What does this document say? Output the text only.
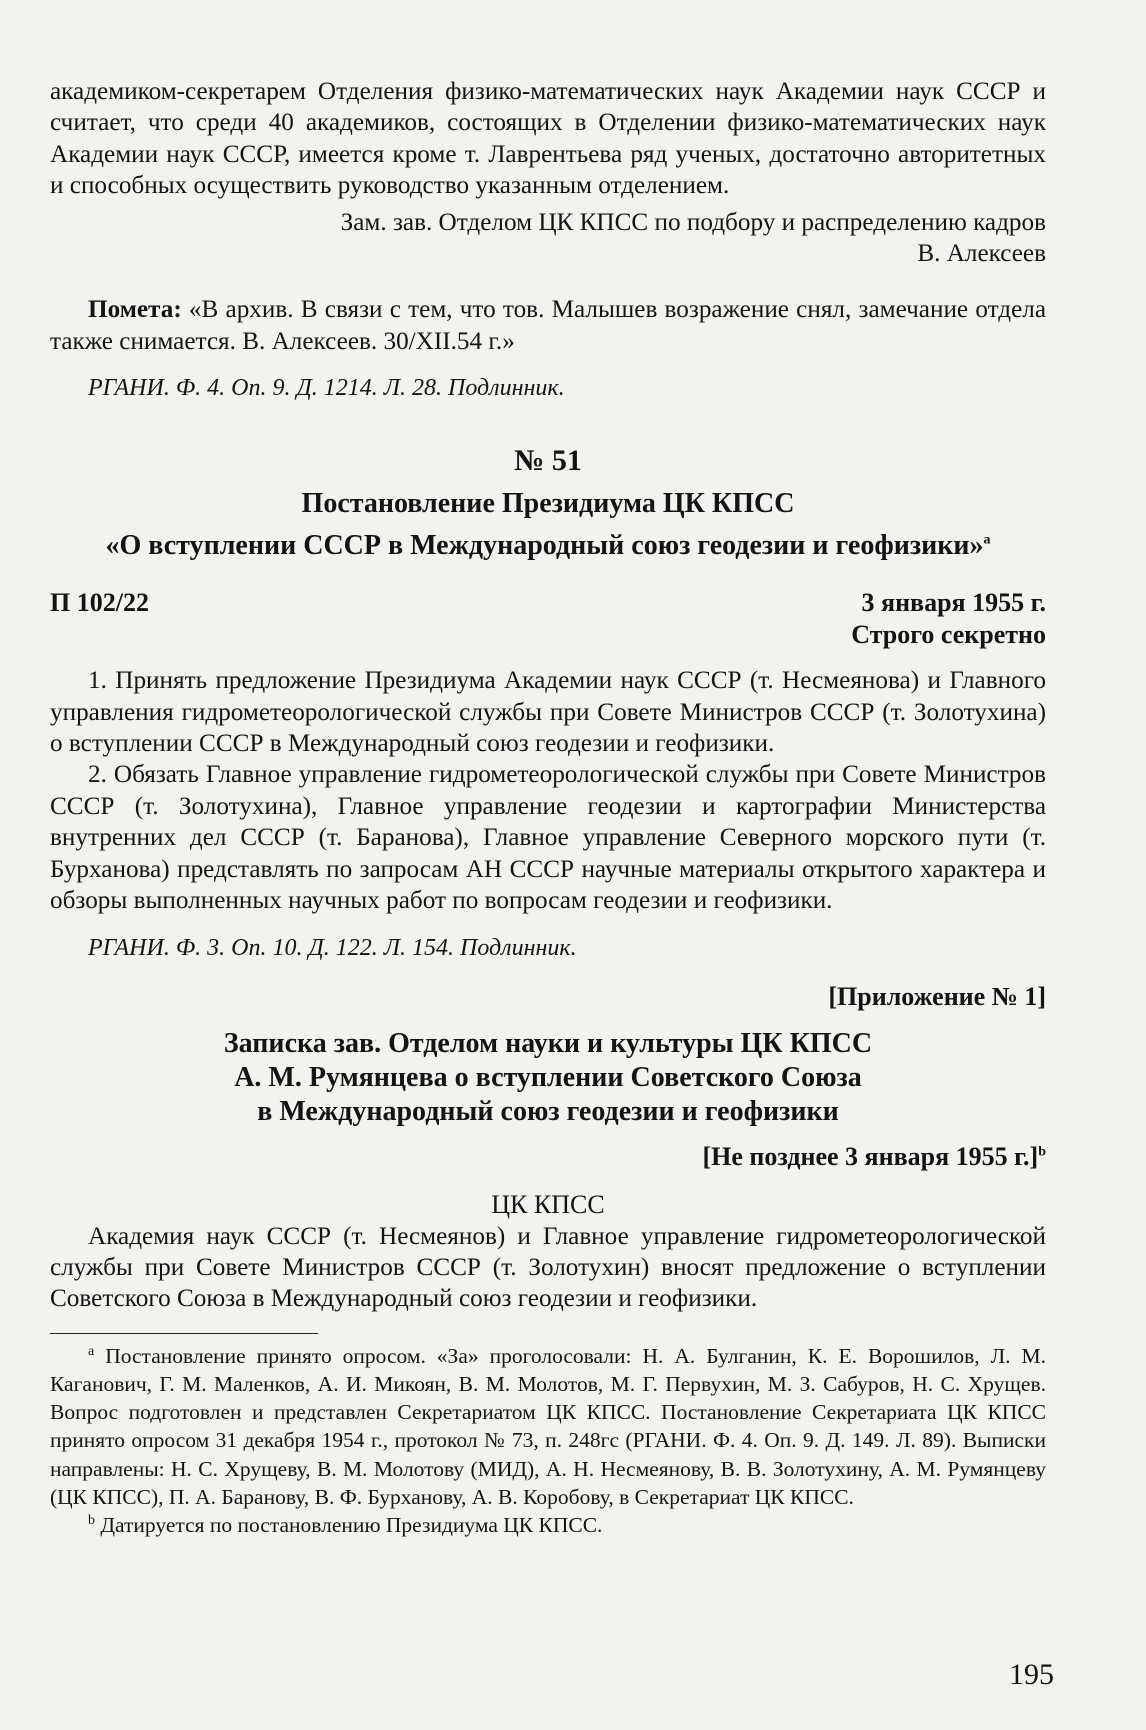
академиком-секретарем Отделения физико-математических наук Академии наук СССР и считает, что среди 40 академиков, состоящих в Отделении физико-математических наук Академии наук СССР, имеется кроме т. Лаврентьева ряд ученых, достаточно авторитетных и способных осуществить руководство указанным отделением.

Зам. зав. Отделом ЦК КПСС по подбору и распределению кадров

В. Алексеев

Помета: «В архив. В связи с тем, что тов. Малышев возражение снял, замечание отдела также снимается. В. Алексеев. 30/XII.54 г.»

РГАНИ. Ф. 4. Оп. 9. Д. 1214. Л. 28. Подлинник.

№ 51

Постановление Президиума ЦК КПСС

«О вступлении СССР в Международный союз геодезии и геофизики»$^a$

П 102/22	3 января 1955 г.

Строго секретно

1. Принять предложение Президиума Академии наук СССР (т. Несмеянова) и Главного управления гидрометеорологической службы при Совете Министров СССР (т. Золотухина) о вступлении СССР в Международный союз геодезии и геофизики.

2. Обязать Главное управление гидрометеорологической службы при Совете Министров СССР (т. Золотухина), Главное управление геодезии и картографии Министерства внутренних дел СССР (т. Баранова), Главное управление Северного морского пути (т. Бурханова) представлять по запросам АН СССР научные материалы открытого характера и обзоры выполненных научных работ по вопросам геодезии и геофизики.

РГАНИ. Ф. 3. Оп. 10. Д. 122. Л. 154. Подлинник.

[Приложение № 1]

Записка зав. Отделом науки и культуры ЦК КПСС

А. М. Румянцева о вступлении Советского Союза

в Международный союз геодезии и геофизики

[Не позднее 3 января 1955 г.]$^b$

ЦК КПСС

Академия наук СССР (т. Несмеянов) и Главное управление гидрометеорологической службы при Совете Министров СССР (т. Золотухин) вносят предложение о вступлении Советского Союза в Международный союз геодезии и геофизики.

$^a$ Постановление принято опросом. «За» проголосовали: Н. А. Булганин, К. Е. Ворошилов, Л. М. Каганович, Г. М. Маленков, А. И. Микоян, В. М. Молотов, М. Г. Первухин, М. З. Сабуров, Н. С. Хрущев. Вопрос подготовлен и представлен Секретариатом ЦК КПСС. Постановление Секретариата ЦК КПСС принято опросом 31 декабря 1954 г., протокол № 73, п. 248гс (РГАНИ. Ф. 4. Оп. 9. Д. 149. Л. 89). Выписки направлены: Н. С. Хрущеву, В. М. Молотову (МИД), А. Н. Несмеянову, В. В. Золотухину, А. М. Румянцеву (ЦК КПСС), П. А. Баранову, В. Ф. Бурханову, А. В. Коробову, в Секретариат ЦК КПСС.

$^b$ Датируется по постановлению Президиума ЦК КПСС.

195
